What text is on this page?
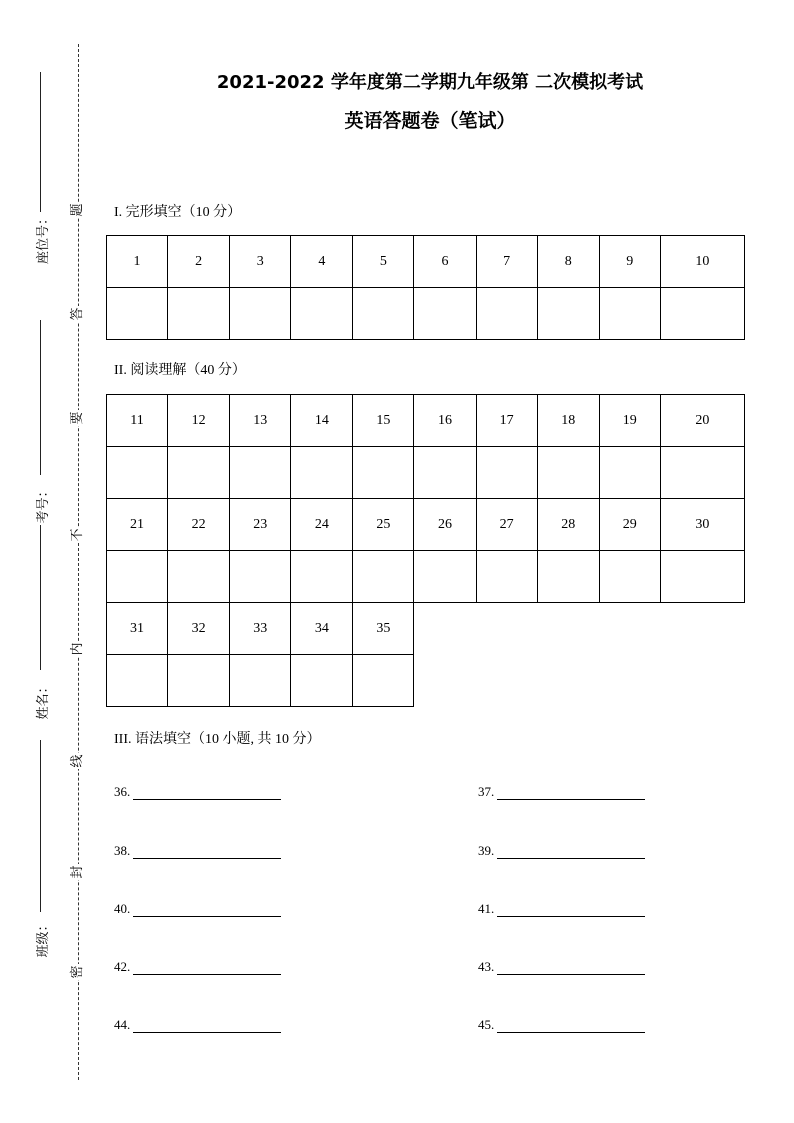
题
答
要
不
内
线
封
密
座位号：
考号：
姓名：
班级：
2021-2022 学年度第二学期九年级第 二次模拟考试
英语答题卷（笔试）
I. 完形填空（10 分）
1	2	3	4	5	6	7	8	9	10

II. 阅读理解（40 分）
11	12	13	14	15	16	17	18	19	20

21	22	23	24	25	26	27	28	29	30

31	32	33	34	35					

III. 语法填空（10 小题, 共 10 分）
36.	37.
38.	39.
40.	41.
42.	43.
44.	45.
